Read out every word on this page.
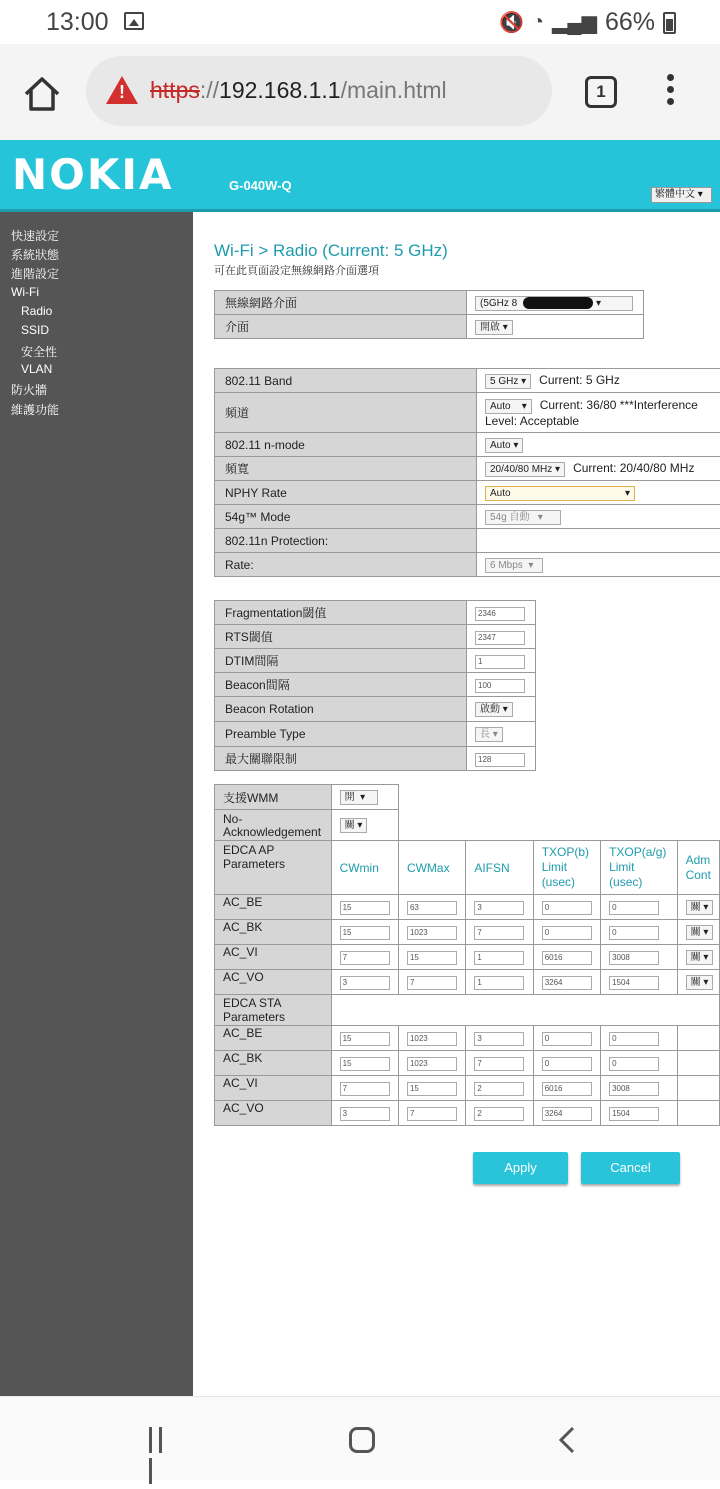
13:00	🔇 ◔ ▂▄▆ 66%
!
https://192.168.1.1/main.html	1
NOKIA	G-040W-Q
繁體中文 ▾
快速設定
系統狀態
進階設定
Wi-Fi
Radio
SSID
安全性
VLAN
防火牆
維護功能
Wi-Fi > Radio (Current: 5 GHz)
可在此頁面設定無線網路介面選項
無線網路介面	(5GHz 8 ▾
介面	開啟 ▾
802.11 Band	5 GHz ▾ Current: 5 GHz
頻道	Auto    ▾ Current: 36/80 ***Interference
Level: Acceptable
802.11 n-mode	Auto ▾
頻寬	20/40/80 MHz ▾ Current: 20/40/80 MHz
NPHY Rate	Auto ▾

54g™ Mode	54g 自動   ▾
802.11n Protection:	
Rate:	6 Mbps  ▾
Fragmentation閾值	2346
RTS閾值	2347
DTIM間隔	1
Beacon間隔	100
Beacon Rotation	啟動 ▾
Preamble Type	長 ▾
最大關聯限制	128
支援WMM	開  ▾					
No-
Acknowledgement	關 ▾					
EDCA AP
Parameters	CWmin	CWMax	AIFSN	TXOP(b)
Limit
(usec)	TXOP(a/g)
Limit
(usec)	Adm
Cont
AC_BE	15	63	3	0	0	關 ▾
AC_BK	15	1023	7	0	0	關 ▾
AC_VI	7	15	1	6016	3008	關 ▾
AC_VO	3	7	1	3264	1504	關 ▾
EDCA STA
Parameters						
AC_BE	15	1023	3	0	0	
AC_BK	15	1023	7	0	0	
AC_VI	7	15	2	6016	3008	
AC_VO	3	7	2	3264	1504	
Apply	Cancel
